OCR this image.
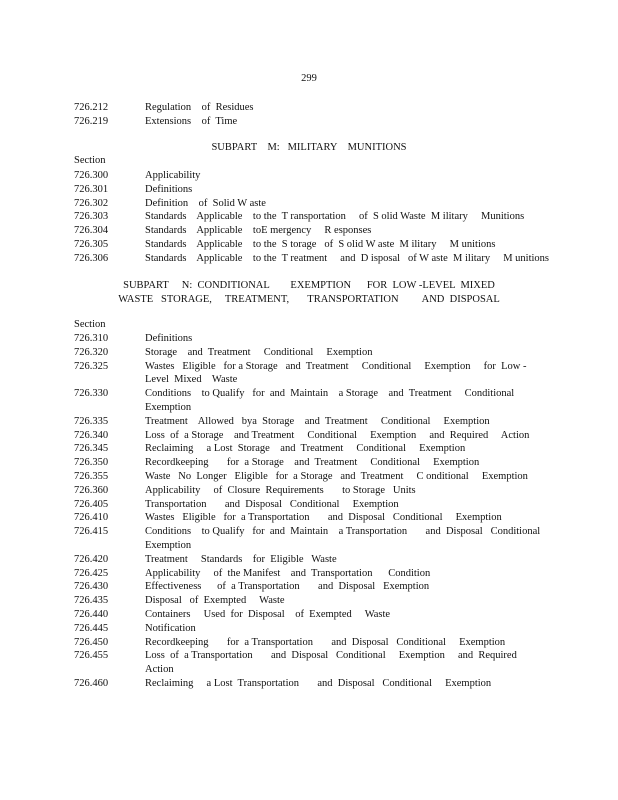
299
726.212	Regulation    of  Residues
726.219	Extensions    of  Time
SUBPART    M:   MILITARY    MUNITIONS
Section
726.300	Applicability
726.301	Definitions
726.302	Definition    of  Solid W aste
726.303	Standards    Applicable    to the  T ransportation     of  S olid Waste  M ilitary     Munitions
726.304	Standards    Applicable    toE mergency     R esponses
726.305	Standards    Applicable    to the  S torage   of  S olid W aste  M ilitary     M unitions
726.306	Standards    Applicable    to the  T reatment     and  D isposal   of W aste  M ilitary     M unitions
SUBPART     N:  CONDITIONAL        EXEMPTION      FOR  LOW -LEVEL  MIXED
WASTE   STORAGE,     TREATMENT,       TRANSPORTATION         AND  DISPOSAL
Section
726.310	Definitions
726.320	Storage    and  Treatment     Conditional     Exemption
726.325	Wastes   Eligible   for a Storage   and  Treatment     Conditional     Exemption     for  Low -
Level  Mixed    Waste
726.330	Conditions    to Qualify   for  and  Maintain    a Storage    and  Treatment     Conditional
Exemption
726.335	Treatment    Allowed   bya  Storage    and  Treatment     Conditional     Exemption
726.340	Loss  of  a Storage    and Treatment     Conditional     Exemption     and  Required     Action
726.345	Reclaiming     a Lost  Storage    and  Treatment     Conditional     Exemption
726.350	Recordkeeping       for  a Storage    and  Treatment     Conditional     Exemption
726.355	Waste   No  Longer   Eligible   for  a Storage   and  Treatment     C onditional     Exemption
726.360	Applicability     of  Closure  Requirements       to Storage   Units
726.405	Transportation       and  Disposal   Conditional     Exemption
726.410	Wastes   Eligible   for  a Transportation       and  Disposal   Conditional     Exemption
726.415	Conditions    to Qualify   for  and  Maintain    a Transportation       and  Disposal   Conditional
Exemption
726.420	Treatment     Standards    for  Eligible   Waste
726.425	Applicability     of  the Manifest    and  Transportation      Condition
726.430	Effectiveness      of  a Transportation       and  Disposal   Exemption
726.435	Disposal   of  Exempted     Waste
726.440	Containers     Used  for  Disposal    of  Exempted     Waste
726.445	Notification
726.450	Recordkeeping       for  a Transportation       and  Disposal   Conditional     Exemption
726.455	Loss  of  a Transportation       and  Disposal   Conditional     Exemption     and  Required
Action
726.460	Reclaiming     a Lost  Transportation       and  Disposal   Conditional     Exemption
